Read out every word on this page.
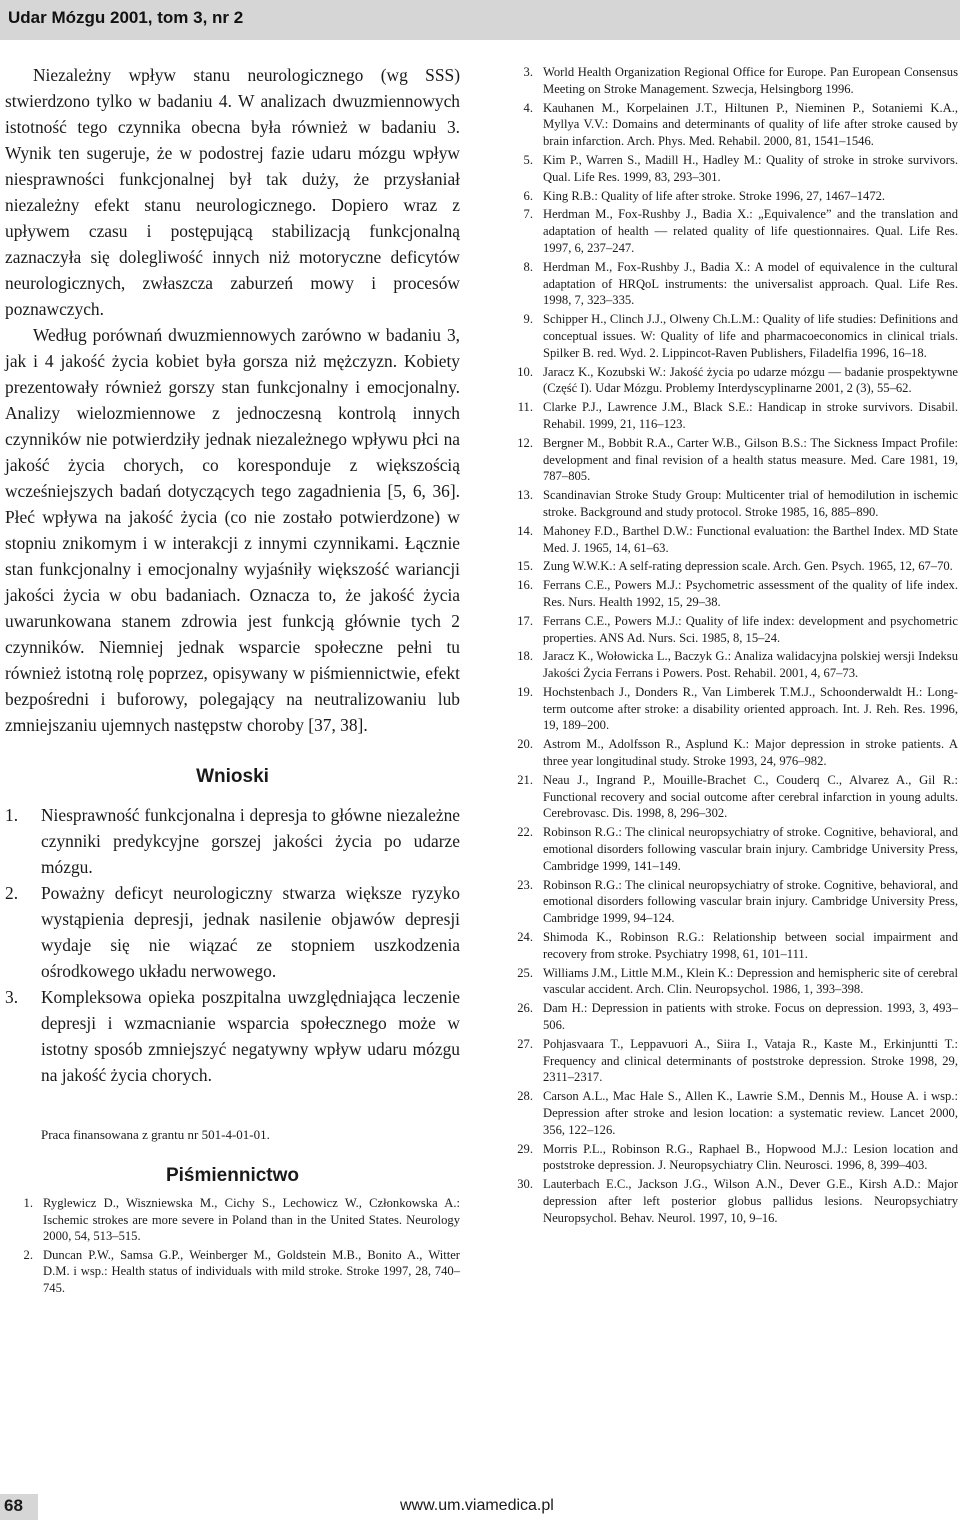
Udar Mózgu 2001, tom 3, nr 2

Niezależny wpływ stanu neurologicznego (wg SSS) stwierdzono tylko w badaniu 4. W analizach dwuzmiennowych istotność tego czynnika obecna była również w badaniu 3. Wynik ten sugeruje, że w podostrej fazie udaru mózgu wpływ niesprawności funkcjonalnej był tak duży, że przysłaniał niezależny efekt stanu neurologicznego. Dopiero wraz z upływem czasu i postępującą stabilizacją funkcjonalną zaznaczyła się dolegliwość innych niż motoryczne deficytów neurologicznych, zwłaszcza zaburzeń mowy i procesów poznawczych.

Według porównań dwuzmiennowych zarówno w badaniu 3, jak i 4 jakość życia kobiet była gorsza niż mężczyzn. Kobiety prezentowały również gorszy stan funkcjonalny i emocjonalny. Analizy wielozmiennowe z jednoczesną kontrolą innych czynników nie potwierdziły jednak niezależnego wpływu płci na jakość życia chorych, co koresponduje z większością wcześniejszych badań dotyczących tego zagadnienia [5, 6, 36]. Płeć wpływa na jakość życia (co nie zostało potwierdzone) w stopniu znikomym i w interakcji z innymi czynnikami. Łącznie stan funkcjonalny i emocjonalny wyjaśniły większość wariancji jakości życia w obu badaniach. Oznacza to, że jakość życia uwarunkowana stanem zdrowia jest funkcją głównie tych 2 czynników. Niemniej jednak wsparcie społeczne pełni tu również istotną rolę poprzez, opisywany w piśmiennictwie, efekt bezpośredni i buforowy, polegający na neutralizowaniu lub zmniejszaniu ujemnych następstw choroby [37, 38].

Wnioski
1.	Niesprawność funkcjonalna i depresja to główne niezależne czynniki predykcyjne gorszej jakości życia po udarze mózgu.
2.	Poważny deficyt neurologiczny stwarza większe ryzyko wystąpienia depresji, jednak nasilenie objawów depresji wydaje się nie wiązać ze stopniem uszkodzenia ośrodkowego układu nerwowego.
3.	Kompleksowa opieka poszpitalna uwzględniająca leczenie depresji i wzmacnianie wsparcia społecznego może w istotny sposób zmniejszyć negatywny wpływ udaru mózgu na jakość życia chorych.
Praca finansowana z grantu nr 501-4-01-01.
Piśmiennictwo
1. Ryglewicz D., Wiszniewska M., Cichy S., Lechowicz W., Członkowska A.: Ischemic strokes are more severe in Poland than in the United States. Neurology 2000, 54, 513–515.
2. Duncan P.W., Samsa G.P., Weinberger M., Goldstein M.B., Bonito A., Witter D.M. i wsp.: Health status of individuals with mild stroke. Stroke 1997, 28, 740–745.
3. World Health Organization Regional Office for Europe. Pan European Consensus Meeting on Stroke Management. Szwecja, Helsingborg 1996.
4. Kauhanen M., Korpelainen J.T., Hiltunen P., Nieminen P., Sotaniemi K.A., Myllya V.V.: Domains and determinants of quality of life after stroke caused by brain infarction. Arch. Phys. Med. Rehabil. 2000, 81, 1541–1546.
5. Kim P., Warren S., Madill H., Hadley M.: Quality of stroke in stroke survivors. Qual. Life Res. 1999, 83, 293–301.
6. King R.B.: Quality of life after stroke. Stroke 1996, 27, 1467–1472.
7. Herdman M., Fox-Rushby J., Badia X.: „Equivalence” and the translation and adaptation of health — related quality of life questionnaires. Qual. Life Res. 1997, 6, 237–247.
8. Herdman M., Fox-Rushby J., Badia X.: A model of equivalence in the cultural adaptation of HRQoL instruments: the universalist approach. Qual. Life Res. 1998, 7, 323–335.
9. Schipper H., Clinch J.J., Olweny Ch.L.M.: Quality of life studies: Definitions and conceptual issues. W: Quality of life and pharmacoeconomics in clinical trials. Spilker B. red. Wyd. 2. Lippincot-Raven Publishers, Filadelfia 1996, 16–18.
10. Jaracz K., Kozubski W.: Jakość życia po udarze mózgu — badanie prospektywne (Część I). Udar Mózgu. Problemy Interdyscyplinarne 2001, 2 (3), 55–62.
11. Clarke P.J., Lawrence J.M., Black S.E.: Handicap in stroke survivors. Disabil. Rehabil. 1999, 21, 116–123.
12. Bergner M., Bobbit R.A., Carter W.B., Gilson B.S.: The Sickness Impact Profile: development and final revision of a health status measure. Med. Care 1981, 19, 787–805.
13. Scandinavian Stroke Study Group: Multicenter trial of hemodilution in ischemic stroke. Background and study protocol. Stroke 1985, 16, 885–890.
14. Mahoney F.D., Barthel D.W.: Functional evaluation: the Barthel Index. MD State Med. J. 1965, 14, 61–63.
15. Zung W.W.K.: A self-rating depression scale. Arch. Gen. Psych. 1965, 12, 67–70.
16. Ferrans C.E., Powers M.J.: Psychometric assessment of the quality of life index. Res. Nurs. Health 1992, 15, 29–38.
17. Ferrans C.E., Powers M.J.: Quality of life index: development and psychometric properties. ANS Ad. Nurs. Sci. 1985, 8, 15–24.
18. Jaracz K., Wołowicka L., Baczyk G.: Analiza walidacyjna polskiej wersji Indeksu Jakości Życia Ferrans i Powers. Post. Rehabil. 2001, 4, 67–73.
19. Hochstenbach J., Donders R., Van Limberek T.M.J., Schoonderwaldt H.: Long-term outcome after stroke: a disability oriented approach. Int. J. Reh. Res. 1996, 19, 189–200.
20. Astrom M., Adolfsson R., Asplund K.: Major depression in stroke patients. A three year longitudinal study. Stroke 1993, 24, 976–982.
21. Neau J., Ingrand P., Mouille-Brachet C., Couderq C., Alvarez A., Gil R.: Functional recovery and social outcome after cerebral infarction in young adults. Cerebrovasc. Dis. 1998, 8, 296–302.
22. Robinson R.G.: The clinical neuropsychiatry of stroke. Cognitive, behavioral, and emotional disorders following vascular brain injury. Cambridge University Press, Cambridge 1999, 141–149.
23. Robinson R.G.: The clinical neuropsychiatry of stroke. Cognitive, behavioral, and emotional disorders following vascular brain injury. Cambridge University Press, Cambridge 1999, 94–124.
24. Shimoda K., Robinson R.G.: Relationship between social impairment and recovery from stroke. Psychiatry 1998, 61, 101–111.
25. Williams J.M., Little M.M., Klein K.: Depression and hemispheric site of cerebral vascular accident. Arch. Clin. Neuropsychol. 1986, 1, 393–398.
26. Dam H.: Depression in patients with stroke. Focus on depression. 1993, 3, 493–506.
27. Pohjasvaara T., Leppavuori A., Siira I., Vataja R., Kaste M., Erkinjuntti T.: Frequency and clinical determinants of poststroke depression. Stroke 1998, 29, 2311–2317.
28. Carson A.L., Mac Hale S., Allen K., Lawrie S.M., Dennis M., House A. i wsp.: Depression after stroke and lesion location: a systematic review. Lancet 2000, 356, 122–126.
29. Morris P.L., Robinson R.G., Raphael B., Hopwood M.J.: Lesion location and poststroke depression. J. Neuropsychiatry Clin. Neurosci. 1996, 8, 399–403.
30. Lauterbach E.C., Jackson J.G., Wilson A.N., Dever G.E., Kirsh A.D.: Major depression after left posterior globus pallidus lesions. Neuropsychiatry Neuropsychol. Behav. Neurol. 1997, 10, 9–16.
68	www.um.viamedica.pl
